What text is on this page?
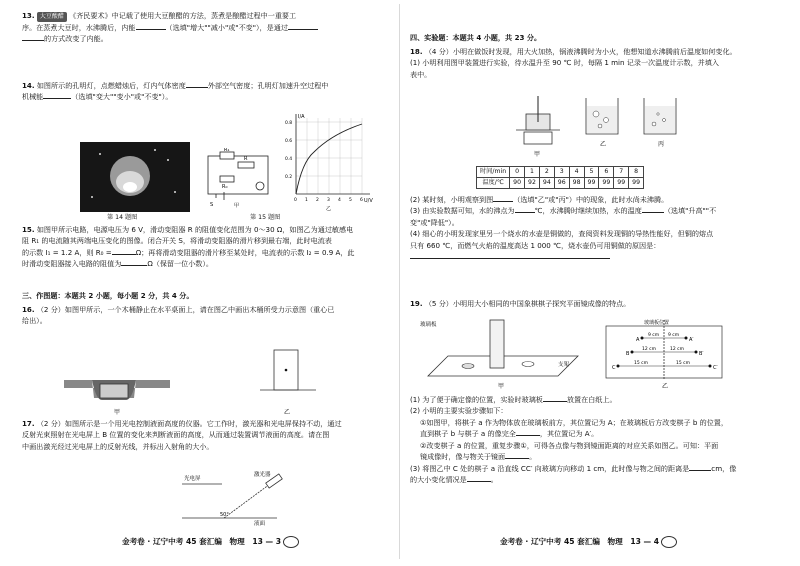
13. 大豆酸醋 《齐民要术》中记载了使用大豆酿醋的方法，蒸煮是酿醋过程中一重要工

序。在蒸煮大豆时，水沸腾后，内能	（选填"增大""减小"或"不变"），是通过

的方式改变了内能。

14. 如图所示的孔明灯，点燃蜡烛后，灯内气体密度	外部空气密度；孔明灯加速升空过程中

机械能	（选填"变大""变小"或"不变"）。

第 14 题图
R₁
R
R₀
S	甲
I/A
U/V
0.8
0.6
0.4
0.2
0 1 2 3 4 5 6
乙
第 15 题图

15. 如图甲所示电路，电源电压为 6 V，滑动变阻器 R 的阻值变化范围为 0～30 Ω，如图乙为通过敏感电

阻 R₁ 的电流随其两端电压变化的图像。闭合开关 S，将滑动变阻器的滑片移到最右端，此时电流表

的示数 I₁ = 1.2 A，则 R₀ =	Ω；再将滑动变阻器的滑片移至某处时，电流表的示数 I₂ = 0.9 A，此

时滑动变阻器接入电路的阻值为	Ω（保留一位小数）。

三、作图题：本题共 2 小题，每小题 2 分，共 4 分。

16. （2 分）如图甲所示，一个木桶静止在水平桌面上，请在图乙中画出木桶所受力示意图（重心已

给出）。

甲	乙

17. （2 分）如图所示是一个用光电控制液面高度的仪器。它工作时，激光器和光电屏保持不动，通过

反射光束照射在光电屏上 B 位置的变化来判断液面的高度，从而通过装置调节液面的高度。请在图

中画出激光经过光电屏上的反射光线，并标出入射角的大小。

光电屏
激光器
液面
50°
金考卷 · 辽宁中考 45 套汇编　物理　13 — 3
四、实验题：本题共 4 小题，共 23 分。

18. （4 分）小明在做饭时发现，用大火加热，锅液沸腾时为小火，他想知道水沸腾前后温度如何变化。

(1) 小明利用图甲装置进行实验，待水温升至 90 ℃ 时，每隔 1 min 记录一次温度计示数，并填入

表中。

甲
乙	丙
时间/min	0	1	2	3	4	5	6	7	8
温度/℃	90	92	94	96	98	99	99	99	99

(2) 某时刻，小明观察到图	（选填"乙"或"丙"）中的现象，此时水尚未沸腾。

(3) 由实验数据可知，水的沸点为	℃，水沸腾时继续加热，水的温度	（选填"升高""不

变"或"降低"）。

(4) 细心的小明发现家里另一个烧水的水壶是铜做的，查阅资料发现铜的导热性能好，但铜的熔点

只有 660 ℃，而燃气火焰的温度高达 1 000 ℃，烧水壶仍可用铜做的原因是：

19. （5 分）小明用大小相同的中国象棋棋子探究平面镜成像的特点。

玻璃板
支架
甲
玻璃板位置
9 cm 9 cm
12 cm	12 cm
15 cm	15 cm
A	A′
B	B′
C	C′
乙

(1) 为了便于确定像的位置，实验时玻璃板	放置在白纸上。

(2) 小明的主要实验步骤如下：

①如图甲，将棋子 a 作为物体放在玻璃板前方，其位置记为 A；在玻璃板后方改变棋子 b 的位置，

直到棋子 b 与棋子 a 的像完全	，其位置记为 A′。

②改变棋子 a 的位置，重复步骤①，可得各点像与物到镜面距离的对应关系如图乙。可知：平面

镜成像时，像与物关于镜面	。

(3) 将图乙中 C 处的棋子 a 沿直线 CC′ 向玻璃方向移动 1 cm，此时像与物之间的距离是	cm，像

的大小变化情况是	。

金考卷 · 辽宁中考 45 套汇编　物理　13 — 4
